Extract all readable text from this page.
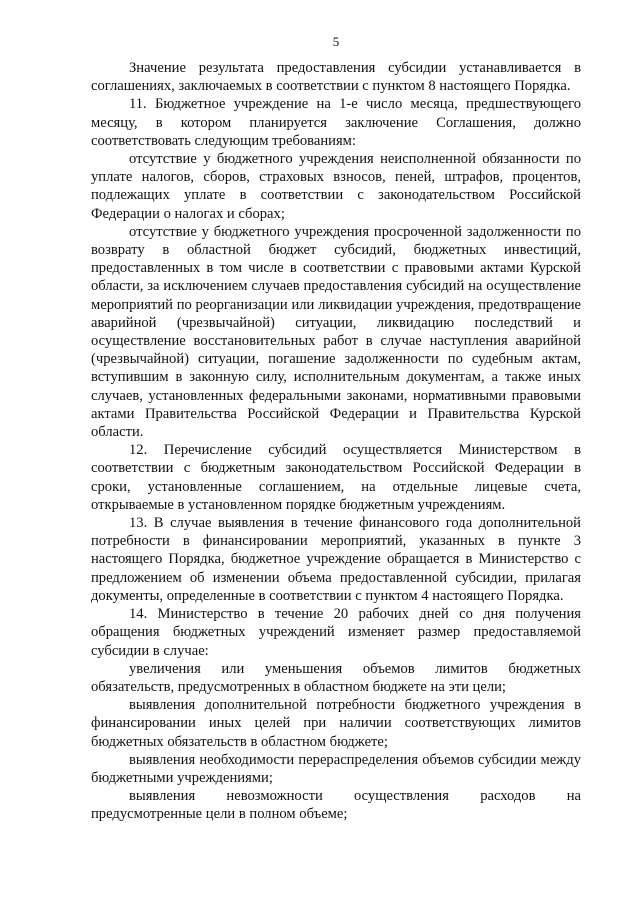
5

Значение результата предоставления субсидии устанавливается в соглашениях, заключаемых в соответствии с пунктом 8 настоящего Порядка.

11. Бюджетное учреждение на 1-е число месяца, предшествующего месяцу, в котором планируется заключение Соглашения, должно соответствовать следующим требованиям:

отсутствие у бюджетного учреждения неисполненной обязанности по уплате налогов, сборов, страховых взносов, пеней, штрафов, процентов, подлежащих уплате в соответствии с законодательством Российской Федерации о налогах и сборах;

отсутствие у бюджетного учреждения просроченной задолженности по возврату в областной бюджет субсидий, бюджетных инвестиций, предоставленных в том числе в соответствии с правовыми актами Курской области, за исключением случаев предоставления субсидий на осуществление мероприятий по реорганизации или ликвидации учреждения, предотвращение аварийной (чрезвычайной) ситуации, ликвидацию последствий и осуществление восстановительных работ в случае наступления аварийной (чрезвычайной) ситуации, погашение задолженности по судебным актам, вступившим в законную силу, исполнительным документам, а также иных случаев, установленных федеральными законами, нормативными правовыми актами Правительства Российской Федерации и Правительства Курской области.

12. Перечисление субсидий осуществляется Министерством в соответствии с бюджетным законодательством Российской Федерации в сроки, установленные соглашением, на отдельные лицевые счета, открываемые в установленном порядке бюджетным учреждениям.

13. В случае выявления в течение финансового года дополнительной потребности в финансировании мероприятий, указанных в пункте 3 настоящего Порядка, бюджетное учреждение обращается в Министерство с предложением об изменении объема предоставленной субсидии, прилагая документы, определенные в соответствии с пунктом 4 настоящего Порядка.

14. Министерство в течение 20 рабочих дней со дня получения обращения бюджетных учреждений изменяет размер предоставляемой субсидии в случае:

увеличения или уменьшения объемов лимитов бюджетных обязательств, предусмотренных в областном бюджете на эти цели;

выявления дополнительной потребности бюджетного учреждения в финансировании иных целей при наличии соответствующих лимитов бюджетных обязательств в областном бюджете;

выявления необходимости перераспределения объемов субсидии между бюджетными учреждениями;

выявления невозможности осуществления расходов на предусмотренные цели в полном объеме;
